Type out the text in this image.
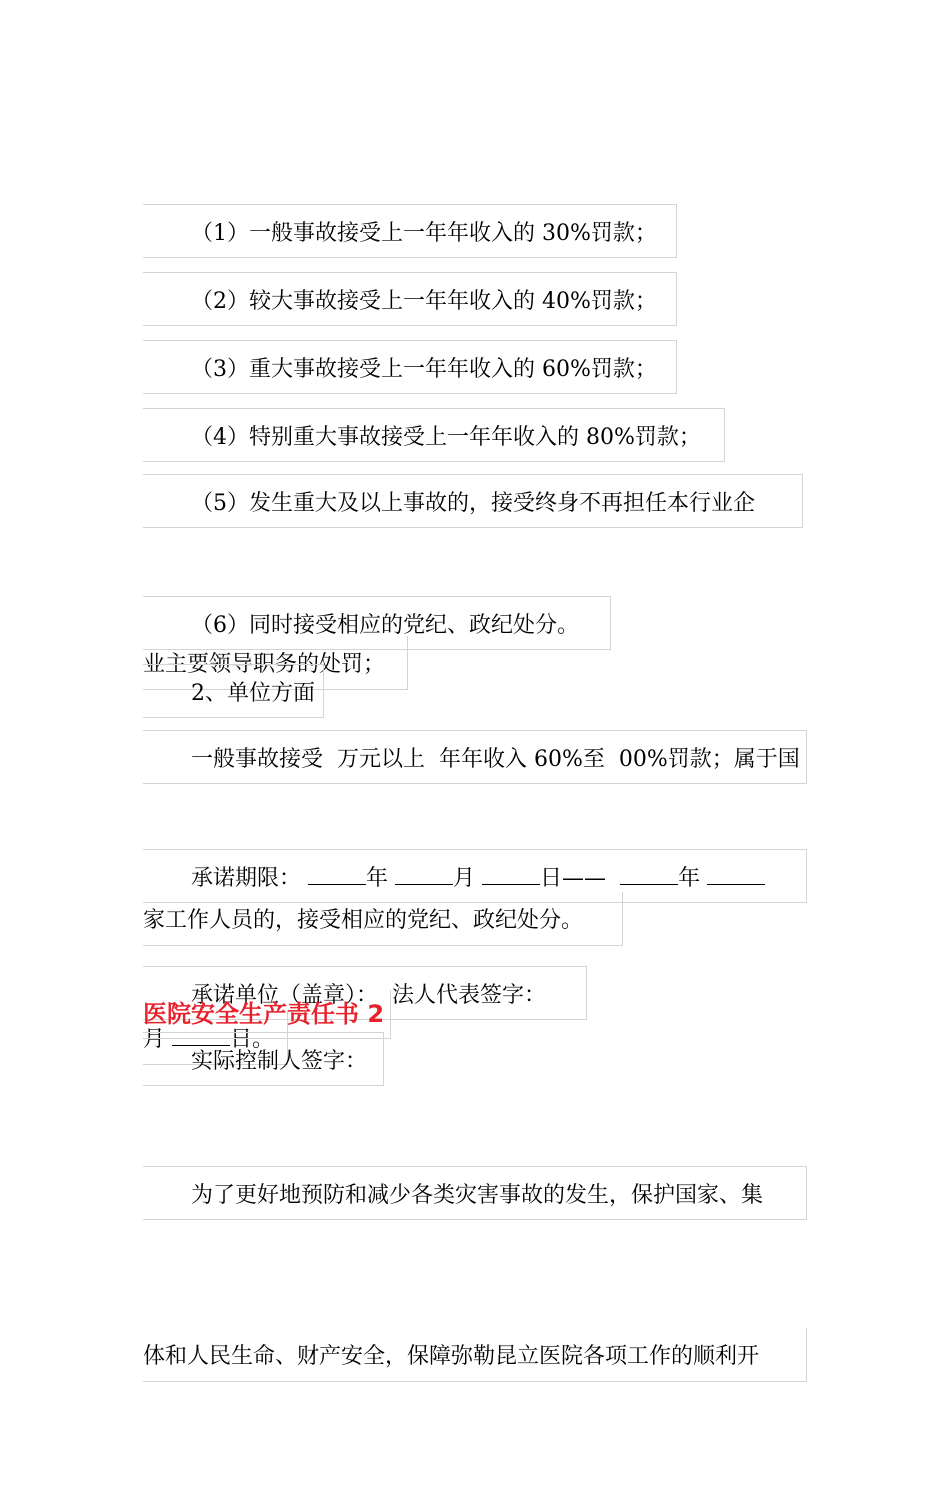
（1）一般事故接受上一年年收入的 30%罚款；

（2）较大事故接受上一年年收入的 40%罚款；

（3）重大事故接受上一年年收入的 60%罚款；

（4）特别重大事故接受上一年年收入的 80%罚款；

（5）发生重大及以上事故的，接受终身不再担任本行业企

业主要领导职务的处罚；

（6）同时接受相应的党纪、政纪处分。

2、单位方面

一般事故接受  万元以上  年年收入 60%至  00%罚款；属于国

家工作人员的，接受相应的党纪、政纪处分。

承诺期限：	年	月	日——	年

月	日。

承诺单位（盖章）：  法人代表签字：

实际控制人签字：

医院安全生产责任书 2

为了更好地预防和减少各类灾害事故的发生，保护国家、集

体和人民生命、财产安全，保障弥勒昆立医院各项工作的顺利开
